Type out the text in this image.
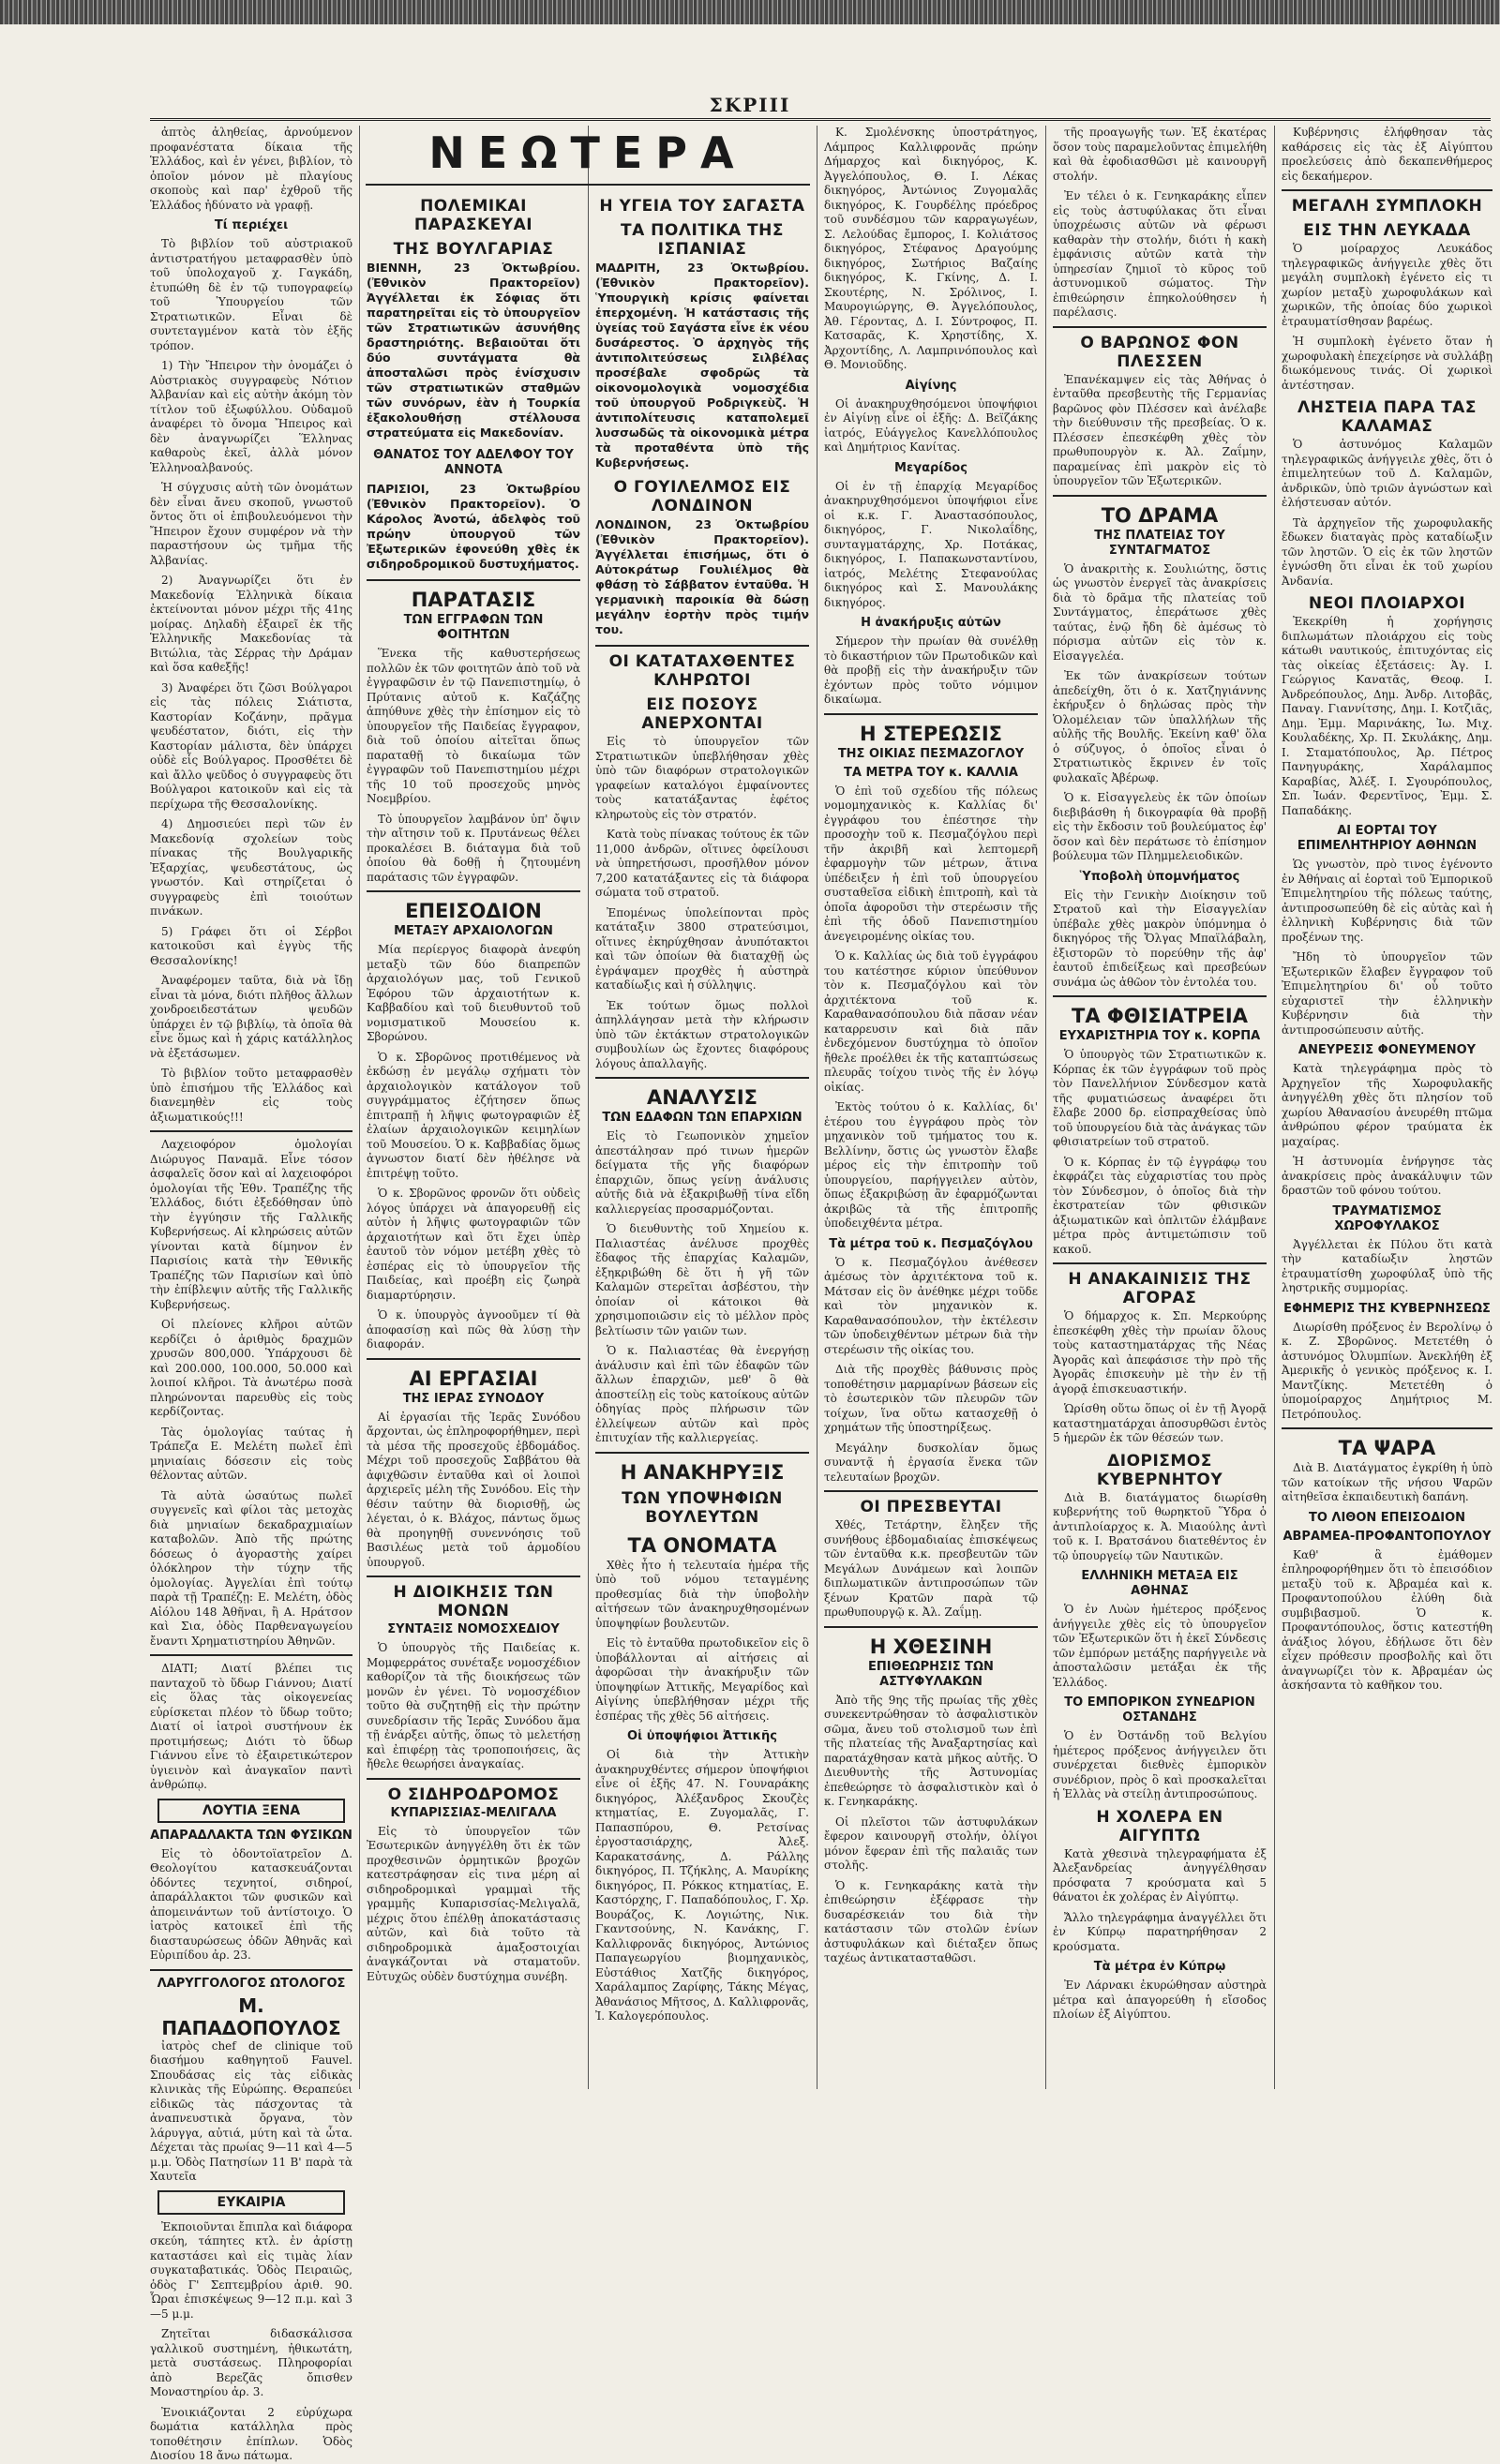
ΣΚΡΙΙΙ

ἀπτὸς ἀληθείας, ἀρνούμενον προφανέστατα δίκαια τῆς Ἑλλάδος, καὶ ἐν γένει, βιβλίον, τὸ ὁποῖον μόνον μὲ πλαγίους σκοποὺς καὶ παρ' ἐχθροῦ τῆς Ἑλλάδος ἠδύνατο νὰ γραφῇ.

Τί περιέχει

Τὸ βιβλίον τοῦ αὐστριακοῦ ἀντιστρατήγου μεταφρασθὲν ὑπὸ τοῦ ὑπολοχαγοῦ χ. Γαγκάδη, ἐτυπώθη δὲ ἐν τῷ τυπογραφείῳ τοῦ Ὑπουργείου τῶν Στρατιωτικῶν. Εἶναι δὲ συντεταγμένον κατὰ τὸν ἑξῆς τρόπον.

1) Τὴν Ἤπειρον τὴν ὀνομάζει ὁ Αὐστριακὸς συγγραφεὺς Νότιον Ἀλβανίαν καὶ εἰς αὐτὴν ἀκόμη τὸν τίτλον τοῦ ἐξωφύλλου. Οὐδαμοῦ ἀναφέρει τὸ ὄνομα Ἤπειρος καὶ δὲν ἀναγνωρίζει Ἕλληνας καθαροὺς ἐκεῖ, ἀλλὰ μόνον Ἑλληνοαλβανούς.

Ἡ σύγχυσις αὐτὴ τῶν ὀνομάτων δὲν εἶναι ἄνευ σκοποῦ, γνωστοῦ ὄντος ὅτι οἱ ἐπιβουλευόμενοι τὴν Ἤπειρον ἔχουν συμφέρον νὰ τὴν παραστήσουν ὡς τμῆμα τῆς Ἀλβανίας.

2) Ἀναγνωρίζει ὅτι ἐν Μακεδονίᾳ Ἑλληνικὰ δίκαια ἐκτείνονται μόνον μέχρι τῆς 41ης μοίρας. Δηλαδὴ ἐξαιρεῖ ἐκ τῆς Ἑλληνικῆς Μακεδονίας τὰ Βιτώλια, τὰς Σέρρας τὴν Δράμαν καὶ ὅσα καθεξῆς!

3) Ἀναφέρει ὅτι ζῶσι Βούλγαροι εἰς τὰς πόλεις Σιάτιστα, Καστορίαν Κοζάνην, πρᾶγμα ψευδέστατον, διότι, εἰς τὴν Καστορίαν μάλιστα, δὲν ὑπάρχει οὐδὲ εἷς Βούλγαρος. Προσθέτει δὲ καὶ ἄλλο ψεῦδος ὁ συγγραφεὺς ὅτι Βούλγαροι κατοικοῦν καὶ εἰς τὰ περίχωρα τῆς Θεσσαλονίκης.

4) Δημοσιεύει περὶ τῶν ἐν Μακεδονίᾳ σχολείων τοὺς πίνακας τῆς Βουλγαρικῆς Ἐξαρχίας, ψευδεστάτους, ὡς γνωστόν. Καὶ στηρίζεται ὁ συγγραφεὺς ἐπὶ τοιούτων πινάκων.

5) Γράφει ὅτι οἱ Σέρβοι κατοικοῦσι καὶ ἐγγὺς τῆς Θεσσαλονίκης!

Ἀναφέρομεν ταῦτα, διὰ νὰ ἴδῃ εἶναι τὰ μόνα, διότι πλῆθος ἄλλων χονδροειδεστάτων ψευδῶν ὑπάρχει ἐν τῷ βιβλίῳ, τὰ ὁποῖα θὰ εἶνε ὅμως καὶ ἡ χάρις κατάλληλος νὰ ἐξετάσωμεν.

Τὸ βιβλίον τοῦτο μεταφρασθὲν ὑπὸ ἐπισήμου τῆς Ἑλλάδος καὶ διανεμηθὲν εἰς τοὺς ἀξιωματικούς!!!

Λαχειοφόρον ὁμολογίαι Διώρυγος Παναμᾶ. Εἶνε τόσον ἀσφαλεῖς ὅσον καὶ αἱ λαχειοφόροι ὁμολογίαι τῆς Ἐθν. Τραπέζης τῆς Ἑλλάδος, διότι ἐξεδόθησαν ὑπὸ τὴν ἐγγύησιν τῆς Γαλλικῆς Κυβερνήσεως. Αἱ κληρώσεις αὐτῶν γίνονται κατὰ δίμηνον ἐν Παρισίοις κατὰ τὴν Ἐθνικῆς Τραπέζης τῶν Παρισίων καὶ ὑπὸ τὴν ἐπίβλεψιν αὐτῆς τῆς Γαλλικῆς Κυβερνήσεως.

Οἱ πλείονες κλῆροι αὐτῶν κερδίζει ὁ ἀριθμὸς δραχμῶν χρυσῶν 800,000. Ὑπάρχουσι δὲ καὶ 200.000, 100.000, 50.000 καὶ λοιποί κλῆροι. Τὰ ἀνωτέρω ποσὰ πληρώνονται παρευθὺς εἰς τοὺς κερδίζοντας.

Τὰς ὁμολογίας ταύτας ἡ Τράπεζα Ε. Μελέτη πωλεῖ ἐπὶ μηνιαίαις δόσεσιν εἰς τοὺς θέλοντας αὐτῶν.

Τὰ αὐτὰ ὡσαύτως πωλεῖ συγγενεῖς καὶ φίλοι τὰς μετοχὰς διὰ μηνιαίων δεκαδραχμιαίων καταβολῶν. Ἀπὸ τῆς πρώτης δόσεως ὁ ἀγοραστὴς χαίρει ὁλόκληρον τὴν τύχην τῆς ὁμολογίας. Ἀγγελίαι ἐπὶ τούτῳ παρὰ τῇ Τραπέζῃ: Ε. Μελέτη, ὁδὸς Αἰόλου 148 Ἀθῆναι, ἢ Α. Ηράτσον καὶ Σια, ὁδὸς Παρθεναγωγείου ἔναντι Χρηματιστηρίου Ἀθηνῶν.

ΔΙΑΤΙ; Διατί βλέπει τις πανταχοῦ τὸ ὕδωρ Γιάννου; Διατί εἰς ὅλας τὰς οἰκογενείας εὑρίσκεται πλέον τὸ ὕδωρ τοῦτο; Διατί οἱ ἰατροὶ συστήνουν ἐκ προτιμήσεως; Διότι τὸ ὕδωρ Γιάννου εἶνε τὸ ἐξαιρετικώτερον ὑγιεινὸν καὶ ἀναγκαῖον παντὶ ἀνθρώπῳ.

ΛΟΥΤΙΑ ΞΕΝΑ
ΑΠΑΡΑΔΛΑΚΤΑ ΤΩΝ ΦΥΣΙΚΩΝ

Εἰς τὸ ὀδοντοϊατρεῖον Δ. Θεολογίτου κατασκευάζονται ὀδόντες τεχνητοί, σιδηροί, ἀπαράλλακτοι τῶν φυσικῶν καὶ ἀπομεινάντων τοῦ ἀντίστοιχο. Ὁ ἰατρὸς κατοικεῖ ἐπὶ τῆς διασταυρώσεως ὁδῶν Ἀθηνᾶς καὶ Εὐριπίδου ἀρ. 23.

ΛΑΡΥΓΓΟΛΟΓΟΣ ΩΤΟΛΟΓΟΣ
Μ. ΠΑΠΑΔΟΠΟΥΛΟΣ

ἰατρὸς chef de clinique τοῦ διασήμου καθηγητοῦ Fauvel. Σπουδάσας εἰς τὰς εἰδικὰς κλινικὰς τῆς Εὐρώπης. Θεραπεύει εἰδικῶς τὰς πάσχοντας τὰ ἀναπνευστικὰ ὄργανα, τὸν λάρυγγα, αὐτιά, μύτη καὶ τὰ ὦτα. Δέχεται τὰς πρωίας 9—11 καὶ 4—5 μ.μ. Ὁδὸς Πατησίων 11 Β' παρὰ τὰ Χαυτεῖα

ΕΥΚΑΙΡΙΑ

Ἐκποιοῦνται ἔπιπλα καὶ διάφορα σκεύη, τάπητες κτλ. ἐν ἀρίστῃ καταστάσει καὶ εἰς τιμὰς λίαν συγκαταβατικάς. Ὁδὸς Πειραιῶς, ὁδὸς Γ' Σεπτεμβρίου ἀριθ. 90. Ὧραι ἐπισκέψεως 9—12 π.μ. καὶ 3—5 μ.μ.

Ζητεῖται διδασκάλισσα γαλλικοῦ συστημένη, ἠθικωτάτη, μετὰ συστάσεως. Πληροφορίαι ἀπὸ Βερεζᾶς ὄπισθεν Μοναστηρίου ἀρ. 3.

Ἐνοικιάζονται 2 εὐρύχωρα δωμάτια κατάλληλα πρὸς τοποθέτησιν ἐπίπλων. Ὁδὸς Διοσίου 18 ἄνω πάτωμα.

ΝΕΩΤΕΡΑ
ΠΟΛΕΜΙΚΑΙ ΠΑΡΑΣΚΕΥΑΙ
ΤΗΣ ΒΟΥΛΓΑΡΙΑΣ

ΒΙΕΝΝΗ, 23 Ὀκτωβρίου. (Ἐθνικὸν Πρακτορεῖον) Ἀγγέλλεται ἐκ Σόφιας ὅτι παρατηρεῖται εἰς τὸ ὑπουργεῖον τῶν Στρατιωτικῶν ἀσυνήθης δραστηριότης. Βεβαιοῦται ὅτι δύο συντάγματα θὰ ἀποσταλῶσι πρὸς ἐνίσχυσιν τῶν στρατιωτικῶν σταθμῶν τῶν συνόρων, ἐὰν ἡ Τουρκία ἐξακολουθήσῃ στέλλουσα στρατεύματα εἰς Μακεδονίαν.

ΘΑΝΑΤΟΣ ΤΟΥ ΑΔΕΛΦΟΥ ΤΟΥ ΑΝΝΟΤΑ

ΠΑΡΙΣΙΟΙ, 23 Ὀκτωβρίου (Ἐθνικὸν Πρακτορεῖον). Ὁ Κάρολος Ἀνοτώ, ἀδελφὸς τοῦ πρώην ὑπουργοῦ τῶν Ἐξωτερικῶν ἐφονεύθη χθὲς ἐκ σιδηροδρομικοῦ δυστυχήματος.

ΠΑΡΑΤΑΣΙΣ
ΤΩΝ ΕΓΓΡΑΦΩΝ ΤΩΝ ΦΟΙΤΗΤΩΝ

Ἕνεκα τῆς καθυστερήσεως πολλῶν ἐκ τῶν φοιτητῶν ἀπὸ τοῦ νὰ ἐγγραφῶσιν ἐν τῷ Πανεπιστημίῳ, ὁ Πρύτανις αὐτοῦ κ. Καζάζης ἀπηύθυνε χθὲς τὴν ἐπίσημον εἰς τὸ ὑπουργεῖον τῆς Παιδείας ἔγγραφον, διὰ τοῦ ὁποίου αἰτεῖται ὅπως παραταθῇ τὸ δικαίωμα τῶν ἐγγραφῶν τοῦ Πανεπιστημίου μέχρι τῆς 10 τοῦ προσεχοῦς μηνὸς Νοεμβρίου.

Τὸ ὑπουργεῖον λαμβάνον ὑπ' ὄψιν τὴν αἴτησιν τοῦ κ. Πρυτάνεως θέλει προκαλέσει Β. διάταγμα διὰ τοῦ ὁποίου θὰ δοθῇ ἡ ζητουμένη παράτασις τῶν ἐγγραφῶν.

ΕΠΕΙΣΟΔΙΟΝ
ΜΕΤΑΞΥ ΑΡΧΑΙΟΛΟΓΩΝ

Μία περίεργος διαφορὰ ἀνεφύη μεταξὺ τῶν δύο διαπρεπῶν ἀρχαιολόγων μας, τοῦ Γενικοῦ Ἐφόρου τῶν ἀρχαιοτήτων κ. Καββαδίου καὶ τοῦ διευθυντοῦ τοῦ νομισματικοῦ Μουσείου κ. Σβορώνου.

Ὁ κ. Σβορῶνος προτιθέμενος νὰ ἐκδώσῃ ἐν μεγάλῳ σχήματι τὸν ἀρχαιολογικὸν κατάλογον τοῦ συγγράμματος ἐζήτησεν ὅπως ἐπιτραπῇ ἡ λῆψις φωτογραφιῶν ἐξ ἐλαίων ἀρχαιολογικῶν κειμηλίων τοῦ Μουσείου. Ὁ κ. Καββαδίας ὅμως ἀγνωστον διατί δὲν ἠθέλησε νὰ ἐπιτρέψῃ τοῦτο.

Ὁ κ. Σβορῶνος φρονῶν ὅτι οὐδεὶς λόγος ὑπάρχει νὰ ἀπαγορευθῇ εἰς αὐτὸν ἡ λῆψις φωτογραφιῶν τῶν ἀρχαιοτήτων καὶ ὅτι ἔχει ὑπὲρ ἑαυτοῦ τὸν νόμον μετέβη χθὲς τὸ ἑσπέρας εἰς τὸ ὑπουργεῖον τῆς Παιδείας, καὶ προέβη εἰς ζωηρὰ διαμαρτύρησιν.

Ὁ κ. ὑπουργὸς ἀγνοοῦμεν τί θὰ ἀποφασίσῃ καὶ πῶς θὰ λύσῃ τὴν διαφοράν.

ΑΙ ΕΡΓΑΣΙΑΙ
ΤΗΣ ΙΕΡΑΣ ΣΥΝΟΔΟΥ

Αἱ ἐργασίαι τῆς Ἱερᾶς Συνόδου ἄρχονται, ὡς ἐπληροφορήθημεν, περὶ τὰ μέσα τῆς προσεχοῦς ἑβδομάδος. Μέχρι τοῦ προσεχοῦς Σαββάτου θὰ ἀφιχθῶσιν ἐνταῦθα καὶ οἱ λοιποὶ ἀρχιερεῖς μέλη τῆς Συνόδου. Εἰς τὴν θέσιν ταύτην θὰ διορισθῇ, ὡς λέγεται, ὁ κ. Βλάχος, πάντως ὅμως θὰ προηγηθῇ συνεννόησις τοῦ Βασιλέως μετὰ τοῦ ἁρμοδίου ὑπουργοῦ.

Η ΔΙΟΙΚΗΣΙΣ ΤΩΝ ΜΟΝΩΝ
ΣΥΝΤΑΞΙΣ ΝΟΜΟΣΧΕΔΙΟΥ

Ὁ ὑπουργὸς τῆς Παιδείας κ. Μομφερράτος συνέταξε νομοσχέδιον καθορίζον τὰ τῆς διοικήσεως τῶν μονῶν ἐν γένει. Τὸ νομοσχέδιον τοῦτο θὰ συζητηθῇ εἰς τὴν πρώτην συνεδρίασιν τῆς Ἱερᾶς Συνόδου ἅμα τῇ ἐνάρξει αὐτῆς, ὅπως τὸ μελετήσῃ καὶ ἐπιφέρῃ τὰς τροποποιήσεις, ἃς ἤθελε θεωρήσει ἀναγκαίας.

Ο ΣΙΔΗΡΟΔΡΟΜΟΣ
ΚΥΠΑΡΙΣΣΙΑΣ-ΜΕΛΙΓΑΛΑ

Εἰς τὸ ὑπουργεῖον τῶν Ἐσωτερικῶν ἀνηγγέλθη ὅτι ἐκ τῶν προχθεσινῶν ὁρμητικῶν βροχῶν κατεστράφησαν εἰς τινα μέρη αἱ σιδηροδρομικαὶ γραμμαὶ τῆς γραμμῆς Κυπαρισσίας-Μελιγαλᾶ, μέχρις ὅτου ἐπέλθῃ ἀποκατάστασις αὐτῶν, καὶ διὰ τοῦτο τὰ σιδηροδρομικὰ ἀμαξοστοιχίαι ἀναγκάζονται νὰ σταματοῦν. Εὐτυχῶς οὐδὲν δυστύχημα συνέβη.

Η ΥΓΕΙΑ ΤΟΥ ΣΑΓΑΣΤΑ
ΤΑ ΠΟΛΙΤΙΚΑ ΤΗΣ ΙΣΠΑΝΙΑΣ

ΜΑΔΡΙΤΗ, 23 Ὀκτωβρίου. (Ἐθνικὸν Πρακτορεῖον). Ὑπουργικὴ κρίσις φαίνεται ἐπερχομένη. Ἡ κατάστασις τῆς ὑγείας τοῦ Σαγάστα εἶνε ἐκ νέου δυσάρεστος. Ὁ ἀρχηγὸς τῆς ἀντιπολιτεύσεως Σιλβέλας προσέβαλε σφοδρῶς τὰ οἰκονομολογικὰ νομοσχέδια τοῦ ὑπουργοῦ Ροδριγκεὺζ. Ἡ ἀντιπολίτευσις καταπολεμεῖ λυσσωδῶς τὰ οἰκονομικὰ μέτρα τὰ προταθέντα ὑπὸ τῆς Κυβερνήσεως.

Ο ΓΟΥΙΛΕΛΜΟΣ ΕΙΣ ΛΟΝΔΙΝΟΝ

ΛΟΝΔΙΝΟΝ, 23 Ὀκτωβρίου (Ἐθνικὸν Πρακτορεῖον). Ἀγγέλλεται ἐπισήμως, ὅτι ὁ Αὐτοκράτωρ Γουλιέλμος θὰ φθάσῃ τὸ Σάββατον ἐνταῦθα. Ἡ γερμανικὴ παροικία θὰ δώσῃ μεγάλην ἑορτὴν πρὸς τιμήν του.

ΟΙ ΚΑΤΑΤΑΧΘΕΝΤΕΣ ΚΛΗΡΩΤΟΙ
ΕΙΣ ΠΟΣΟΥΣ ΑΝΕΡΧΟΝΤΑΙ

Εἰς τὸ ὑπουργεῖον τῶν Στρατιωτικῶν ὑπεβλήθησαν χθὲς ὑπὸ τῶν διαφόρων στρατολογικῶν γραφείων καταλόγοι ἐμφαίνοντες τοὺς κατατάξαντας ἐφέτος κληρωτοὺς εἰς τὸν στρατόν.

Κατὰ τοὺς πίνακας τούτους ἐκ τῶν 11,000 ἀνδρῶν, οἵτινες ὀφείλουσι νὰ ὑπηρετήσωσι, προσῆλθον μόνον 7,200 κατατάξαντες εἰς τὰ διάφορα σώματα τοῦ στρατοῦ.

Ἐπομένως ὑπολείπονται πρὸς κατάταξιν 3800 στρατεύσιμοι, οἵτινες ἐκηρύχθησαν ἀνυπότακτοι καὶ τῶν ὁποίων θὰ διαταχθῇ ὡς ἐγράψαμεν προχθὲς ἡ αὐστηρὰ καταδίωξις καὶ ἡ σύλληψις.

Ἐκ τούτων ὅμως πολλοὶ ἀπηλλάγησαν μετὰ τὴν κλήρωσιν ὑπὸ τῶν ἐκτάκτων στρατολογικῶν συμβουλίων ὡς ἔχοντες διαφόρους λόγους ἀπαλλαγῆς.

ΑΝΑΛΥΣΙΣ
ΤΩΝ ΕΔΑΦΩΝ ΤΩΝ ΕΠΑΡΧΙΩΝ

Εἰς τὸ Γεωπονικὸν χημεῖον ἀπεστάλησαν πρό τινων ἡμερῶν δείγματα τῆς γῆς διαφόρων ἐπαρχιῶν, ὅπως γείνῃ ἀνάλυσις αὐτῆς διὰ νὰ ἐξακριβωθῇ τίνα εἴδη καλλιεργείας προσαρμόζονται.

Ὁ διευθυντὴς τοῦ Χημείου κ. Παλιαστέας ἀνέλυσε προχθὲς ἔδαφος τῆς ἐπαρχίας Καλαμῶν, ἐξηκριβώθη δὲ ὅτι ἡ γῆ τῶν Καλαμῶν στερεῖται ἀσβέστου, τὴν ὁποίαν οἱ κάτοικοι θὰ χρησιμοποιῶσιν εἰς τὸ μέλλον πρὸς βελτίωσιν τῶν γαιῶν των.

Ὁ κ. Παλιαστέας θὰ ἐνεργήσῃ ἀνάλυσιν καὶ ἐπὶ τῶν ἐδαφῶν τῶν ἄλλων ἐπαρχιῶν, μεθ' ὃ θὰ ἀποστείλῃ εἰς τοὺς κατοίκους αὐτῶν ὁδηγίας πρὸς πλήρωσιν τῶν ἐλλείψεων αὐτῶν καὶ πρὸς ἐπιτυχίαν τῆς καλλιεργείας.

Η ΑΝΑΚΗΡΥΞΙΣ
ΤΩΝ ΥΠΟΨΗΦΙΩΝ ΒΟΥΛΕΥΤΩΝ
ΤΑ ΟΝΟΜΑΤΑ

Χθὲς ἦτο ἡ τελευταία ἡμέρα τῆς ὑπὸ τοῦ νόμου τεταγμένης προθεσμίας διὰ τὴν ὑποβολὴν αἰτήσεων τῶν ἀνακηρυχθησομένων ὑποψηφίων βουλευτῶν.

Εἰς τὸ ἐνταῦθα πρωτοδικεῖον εἰς ὃ ὑποβάλλονται αἱ αἰτήσεις αἱ ἀφορῶσαι τὴν ἀνακήρυξιν τῶν ὑποψηφίων Ἀττικῆς, Μεγαρίδος καὶ Αἰγίνης ὑπεβλήθησαν μέχρι τῆς ἑσπέρας τῆς χθὲς 56 αἰτήσεις.

Οἱ ὑποψήφιοι Ἀττικῆς

Οἱ διὰ τὴν Ἀττικὴν ἀνακηρυχθέντες σήμερον ὑποψήφιοι εἶνε οἱ ἑξῆς 47. Ν. Γουναράκης δικηγόρος, Ἀλέξανδρος Σκουζὲς κτηματίας, Ε. Ζυγομαλᾶς, Γ. Παπασπύρου, Θ. Ρετσίνας ἐργοστασιάρχης, Ἀλεξ. Καρακατσάνης, Δ. Ράλλης δικηγόρος, Π. Τζήκλης, Α. Μαυρίκης δικηγόρος, Π. Ρόκκος κτηματίας, Ε. Καστόρχης, Γ. Παπαδόπουλος, Γ. Χρ. Βουράζος, Κ. Λογιώτης, Νικ. Γκαντσούνης, Ν. Κανάκης, Γ. Καλλιφρονᾶς δικηγόρος, Ἀντώνιος Παπαγεωργίου βιομηχανικὸς, Εὐστάθιος Χατζῆς δικηγόρος, Χαράλαμπος Ζαρίφης, Τάκης Μέγας, Ἀθανάσιος Μῆτσος, Δ. Καλλιφρονᾶς, Ἰ. Καλογερόπουλος.

Κ. Σμολένσκης ὑποστράτηγος, Λάμπρος Καλλιφρονᾶς πρώην Δήμαρχος καὶ δικηγόρος, Κ. Ἀγγελόπουλος, Θ. Ι. Λέκας δικηγόρος, Ἀντώνιος Ζυγομαλᾶς δικηγόρος, Κ. Γουρδέλης πρόεδρος τοῦ συνδέσμου τῶν καρραγωγέων, Σ. Λελούδας ἔμπορος, Ι. Κολιάτσος δικηγόρος, Στέφανος Δραγούμης δικηγόρος, Σωτήριος Βαζαίης δικηγόρος, Κ. Γκίνης, Δ. Ι. Σκουτέρης, Ν. Σρόλινος, Ι. Μαυρογιώργης, Θ. Ἀγγελόπουλος, Ἀθ. Γέροντας, Δ. Ι. Σύντροφος, Π. Κατσαρᾶς, Κ. Χρηστίδης, Χ. Ἀρχοντίδης, Λ. Λαμπρινόπουλος καὶ Θ. Μονιοῦδης.

Αἰγίνης

Οἱ ἀνακηρυχθησόμενοι ὑποψήφιοι ἐν Αἰγίνῃ εἶνε οἱ ἑξῆς: Δ. Βεϊζάκης ἰατρός, Εὐάγγελος Κανελλόπουλος καὶ Δημήτριος Κανίτας.

Μεγαρίδος

Οἱ ἐν τῇ ἐπαρχίᾳ Μεγαρίδος ἀνακηρυχθησόμενοι ὑποψήφιοι εἶνε οἱ κ.κ. Γ. Ἀναστασόπουλος, δικηγόρος, Γ. Νικολαΐδης, συνταγματάρχης, Χρ. Ποτάκας, δικηγόρος, Ι. Παπακωνσταντίνου, ἰατρός, Μελέτης Στεφανούλας δικηγόρος καὶ Σ. Μανουλάκης δικηγόρος.

Η ἀνακήρυξις αὐτῶν

Σήμερον τὴν πρωίαν θὰ συνέλθῃ τὸ δικαστήριον τῶν Πρωτοδικῶν καὶ θὰ προβῇ εἰς τὴν ἀνακήρυξιν τῶν ἐχόντων πρὸς τοῦτο νόμιμον δικαίωμα.

Η ΣΤΕΡΕΩΣΙΣ
ΤΗΣ ΟΙΚΙΑΣ ΠΕΣΜΑΖΟΓΛΟΥ
ΤΑ ΜΕΤΡΑ ΤΟΥ κ. ΚΑΛΛΙΑ

Ὁ ἐπὶ τοῦ σχεδίου τῆς πόλεως νομομηχανικὸς κ. Καλλίας δι' ἐγγράφου του ἐπέστησε τὴν προσοχὴν τοῦ κ. Πεσμαζόγλου περὶ τῆν ἀκριβῆ καὶ λεπτομερῆ ἐφαρμογὴν τῶν μέτρων, ἅτινα ὑπέδειξεν ἡ ἐπὶ τοῦ ὑπουργείου συσταθεῖσα εἰδικὴ ἐπιτροπὴ, καὶ τὰ ὁποῖα ἀφοροῦσι τὴν στερέωσιν τῆς ἐπὶ τῆς ὁδοῦ Πανεπιστημίου ἀνεγειρομένης οἰκίας του.

Ὁ κ. Καλλίας ὡς διὰ τοῦ ἐγγράφου του κατέστησε κύριον ὑπεύθυνον τὸν κ. Πεσμαζόγλου καὶ τὸν ἀρχιτέκτονα τοῦ κ. Καραθανασόπουλου διὰ πᾶσαν νέαν καταρρευσιν καὶ διὰ πᾶν ἐνδεχόμενον δυστύχημα τὸ ὁποῖον ἤθελε προέλθει ἐκ τῆς καταπτώσεως πλευρᾶς τοίχου τινὸς τῆς ἐν λόγῳ οἰκίας.

Ἐκτὸς τούτου ὁ κ. Καλλίας, δι' ἑτέρου του ἐγγράφου πρὸς τὸν μηχανικὸν τοῦ τμήματος του κ. Βελλίνην, ὅστις ὡς γνωστὸν ἔλαβε μέρος εἰς τὴν ἐπιτροπὴν τοῦ ὑπουργείου, παρήγγειλεν αὐτὸν, ὅπως ἐξακριβώσῃ ἂν ἐφαρμόζωνται ἀκριβῶς τὰ τῆς ἐπιτροπῆς ὑποδειχθέντα μέτρα.

Τὰ μέτρα τοῦ κ. Πεσμαζόγλου

Ὁ κ. Πεσμαζόγλου ἀνέθεσεν ἀμέσως τὸν ἀρχιτέκτονα τοῦ κ. Μάτσαν εἰς ὃν ἀνέθηκε μέχρι τοῦδε καὶ τὸν μηχανικὸν κ. Καραθανασόπουλον, τὴν ἐκτέλεσιν τῶν ὑποδειχθέντων μέτρων διὰ τὴν στερέωσιν τῆς οἰκίας του.

Διὰ τῆς προχθὲς βάθυνσις πρὸς τοποθέτησιν μαρμαρίνων βάσεων εἰς τὸ ἐσωτερικὸν τῶν πλευρῶν τῶν τοίχων, ἵνα οὕτω κατασχεθῇ ὁ χρημάτων τῆς ὑποστηρίξεως.

Μεγάλην δυσκολίαν ὅμως συναντᾷ ἡ ἐργασία ἕνεκα τῶν τελευταίων βροχῶν.

ΟΙ ΠΡΕΣΒΕΥΤΑΙ

Χθές, Τετάρτην, ἔληξεν τῆς συνήθους ἑβδομαδιαίας ἐπισκέψεως τῶν ἐνταῦθα κ.κ. πρεσβευτῶν τῶν Μεγάλων Δυνάμεων καὶ λοιπῶν διπλωματικῶν ἀντιπροσώπων τῶν ξένων Κρατῶν παρὰ τῷ πρωθυπουργῷ κ. Ἀλ. Ζαΐμῃ.

Η ΧΘΕΣΙΝΗ
ΕΠΙΘΕΩΡΗΣΙΣ ΤΩΝ ΑΣΤΥΦΥΛΑΚΩΝ

Ἀπὸ τῆς 9ης τῆς πρωίας τῆς χθὲς συνεκεντρώθησαν τὸ ἀσφαλιστικὸν σῶμα, ἄνευ τοῦ στολισμοῦ των ἐπὶ τῆς πλατείας τῆς Ἀναξαρτησίας καὶ παρατάχθησαν κατὰ μῆκος αὐτῆς. Ὁ Διευθυντὴς τῆς Ἀστυνομίας ἐπεθεώρησε τὸ ἀσφαλιστικὸν καὶ ὁ κ. Γενηκαράκης.

Οἱ πλεῖστοι τῶν ἀστυφυλάκων ἔφερον καινουργῆ στολήν, ὀλίγοι μόνον ἔφεραν ἐπὶ τῆς παλαιᾶς των στολῆς.

Ὁ κ. Γενηκαράκης κατὰ τὴν ἐπιθεώρησιν ἐξέφρασε τὴν δυσαρέσκειάν του διὰ τὴν κατάστασιν τῶν στολῶν ἐνίων ἀστυφυλάκων καὶ διέταξεν ὅπως ταχέως ἀντικατασταθῶσι.

τῆς προαγωγῆς των. Ἐξ ἐκατέρας ὅσον τοὺς παραμελοῦντας ἐπιμελήθη καὶ θὰ ἐφοδιασθῶσι μὲ καινουργῆ στολήν.

Ἐν τέλει ὁ κ. Γενηκαράκης εἶπεν εἰς τοὺς ἀστυφύλακας ὅτι εἶναι ὑποχρέωσις αὐτῶν νὰ φέρωσι καθαρὰν τὴν στολήν, διότι ἡ κακὴ ἐμφάνισις αὐτῶν κατὰ τὴν ὑπηρεσίαν ζημιοῖ τὸ κῦρος τοῦ ἀστυνομικοῦ σώματος. Τὴν ἐπιθεώρησιν ἐπηκολούθησεν ἡ παρέλασις.

Ο ΒΑΡΩΝΟΣ ΦΟΝ ΠΛΕΣΣΕΝ

Ἐπανέκαμψεν εἰς τὰς Ἀθήνας ὁ ἐνταῦθα πρεσβευτὴς τῆς Γερμανίας βαρῶνος φὸν Πλέσσεν καὶ ἀνέλαβε τὴν διεύθυνσιν τῆς πρεσβείας. Ὁ κ. Πλέσσεν ἐπεσκέφθη χθὲς τὸν πρωθυπουργὸν κ. Ἀλ. Ζαΐμην, παραμείνας ἐπὶ μακρὸν εἰς τὸ ὑπουργεῖον τῶν Ἐξωτερικῶν.

ΤΟ ΔΡΑΜΑ
ΤΗΣ ΠΛΑΤΕΙΑΣ ΤΟΥ ΣΥΝΤΑΓΜΑΤΟΣ

Ὁ ἀνακριτὴς κ. Σουλιώτης, ὅστις ὡς γνωστὸν ἐνεργεῖ τὰς ἀνακρίσεις διὰ τὸ δρᾶμα τῆς πλατείας τοῦ Συντάγματος, ἐπεράτωσε χθὲς ταύτας, ἐνῷ ἤδη δὲ ἀμέσως τὸ πόρισμα αὐτῶν εἰς τὸν κ. Εἰσαγγελέα.

Ἐκ τῶν ἀνακρίσεων τούτων ἀπεδείχθη, ὅτι ὁ κ. Χατζηγιάννης ἐκήρυξεν ὁ δηλώσας πρὸς τὴν Ὁλομέλειαν τῶν ὑπαλλήλων τῆς αὐλῆς τῆς Βουλῆς. Ἐκείνη καθ' ὅλα ὁ σύζυγος, ὁ ὁποῖος εἶναι ὁ Στρατιωτικὸς ἔκρινεν ἐν τοῖς φυλακαῖς Ἀβέρωφ.

Ὁ κ. Εἰσαγγελεὺς ἐκ τῶν ὁποίων διεβιβάσθη ἡ δικογραφία θὰ προβῇ εἰς τὴν ἔκδοσιν τοῦ βουλεύματος ἐφ' ὅσον καὶ δὲν περάτωσε τὸ ἐπίσημον βούλευμα τῶν Πλημμελειοδικῶν.

Ὑποβολὴ ὑπομνήματος

Εἰς τὴν Γενικὴν Διοίκησιν τοῦ Στρατοῦ καὶ τὴν Εἰσαγγελίαν ὑπέβαλε χθὲς μακρὸν ὑπόμνημα ὁ δικηγόρος τῆς Ὄλγας Μπαϊλάβαλη, ἐξιστορῶν τὸ πορεύθην τῆς ἀφ' ἑαυτοῦ ἐπιδείξεως καὶ πρεσβεύων συνάμα ὡς ἀθῶον τὸν ἐντολέα του.

ΤΑ ΦΘΙΣΙΑΤΡΕΙΑ
ΕΥΧΑΡΙΣΤΗΡΙΑ ΤΟΥ κ. ΚΟΡΠΑ

Ὁ ὑπουργὸς τῶν Στρατιωτικῶν κ. Κόρπας ἐκ τῶν ἐγγράφων τοῦ πρὸς τὸν Πανελλήνιον Σύνδεσμον κατὰ τῆς φυματιώσεως ἀναφέρει ὅτι ἔλαβε 2000 δρ. εἰσπραχθείσας ὑπὸ τοῦ ὑπουργείου διὰ τὰς ἀνάγκας τῶν φθισιατρείων τοῦ στρατοῦ.

Ὁ κ. Κόρπας ἐν τῷ ἐγγράφῳ του ἐκφράζει τὰς εὐχαριστίας του πρὸς τὸν Σύνδεσμον, ὁ ὁποῖος διὰ τὴν ἐκστρατείαν τῶν φθισικῶν ἀξιωματικῶν καὶ ὁπλιτῶν ἐλάμβανε μέτρα πρὸς ἀντιμετώπισιν τοῦ κακοῦ.

Η ΑΝΑΚΑΙΝΙΣΙΣ ΤΗΣ ΑΓΟΡΑΣ

Ὁ δήμαρχος κ. Σπ. Μερκούρης ἐπεσκέφθη χθὲς τὴν πρωίαν ὅλους τοὺς καταστηματάρχας τῆς Νέας Ἀγορᾶς καὶ ἀπεφάσισε τὴν πρὸ τῆς Ἀγορᾶς ἐπισκευὴν μὲ τὴν ἐν τῇ ἀγορᾷ ἐπισκευαστικήν.

Ὡρίσθη οὕτω ὅπως οἱ ἐν τῇ Ἀγορᾷ καταστηματάρχαι ἀποσυρθῶσι ἐντὸς 5 ἡμερῶν ἐκ τῶν θέσεών των.

ΔΙΟΡΙΣΜΟΣ ΚΥΒΕΡΝΗΤΟΥ

Διὰ Β. διατάγματος διωρίσθη κυβερνήτης τοῦ θωρηκτοῦ Ὕδρα ὁ ἀντιπλοίαρχος κ. Ἀ. Μιαούλης ἀντὶ τοῦ κ. Ι. Βρατσάνου διατεθέντος ἐν τῷ ὑπουργείῳ τῶν Ναυτικῶν.

ΕΛΛΗΝΙΚΗ ΜΕΤΑΞΑ ΕΙΣ ΑΘΗΝΑΣ

Ὁ ἐν Λυὼν ἡμέτερος πρόξενος ἀνήγγειλε χθὲς εἰς τὸ ὑπουργεῖον τῶν Ἐξωτερικῶν ὅτι ἡ ἐκεῖ Σύνδεσις τῶν ἐμπόρων μετάξης παρήγγειλε νὰ ἀποσταλῶσιν μετάξαι ἐκ τῆς Ἑλλάδος.

ΤΟ ΕΜΠΟΡΙΚΟΝ ΣΥΝΕΔΡΙΟΝ ΟΣΤΑΝΔΗΣ

Ὁ ἐν Ὀστάνδῃ τοῦ Βελγίου ἡμέτερος πρόξενος ἀνήγγειλεν ὅτι συνέρχεται διεθνὲς ἐμπορικὸν συνέδριον, πρὸς ὃ καὶ προσκαλεῖται ἡ Ἑλλὰς νὰ στείλῃ ἀντιπροσώπους.

Η ΧΟΛΕΡΑ ΕΝ ΑΙΓΥΠΤΩ

Κατὰ χθεσινὰ τηλεγραφήματα ἐξ Ἀλεξανδρείας ἀνηγγέλθησαν πρόσφατα 7 κρούσματα καὶ 5 θάνατοι ἐκ χολέρας ἐν Αἰγύπτῳ.

Ἄλλο τηλεγράφημα ἀναγγέλλει ὅτι ἐν Κύπρῳ παρατηρήθησαν 2 κρούσματα.

Τὰ μέτρα ἐν Κύπρῳ

Ἐν Λάρνακι ἐκυρώθησαν αὐστηρὰ μέτρα καὶ ἀπαγορεύθη ἡ εἴσοδος πλοίων ἐξ Αἰγύπτου.

Κυβέρνησις ἐλήφθησαν τὰς καθάρσεις εἰς τὰς ἐξ Αἰγύπτου προελεύσεις ἀπὸ δεκαπενθήμερος εἰς δεκαήμερον.

ΜΕΓΑΛΗ ΣΥΜΠΛΟΚΗ
ΕΙΣ ΤΗΝ ΛΕΥΚΑΔΑ

Ὁ μοίραρχος Λευκάδος τηλεγραφικῶς ἀνήγγειλε χθὲς ὅτι μεγάλη συμπλοκὴ ἐγένετο εἰς τι χωρίον μεταξὺ χωροφυλάκων καὶ χωρικῶν, τῆς ὁποίας δύο χωρικοὶ ἐτραυματίσθησαν βαρέως.

Ἡ συμπλοκὴ ἐγένετο ὅταν ἡ χωροφυλακὴ ἐπεχείρησε νὰ συλλάβῃ διωκόμενους τινάς. Οἱ χωρικοὶ ἀντέστησαν.

ΛΗΣΤΕΙΑ ΠΑΡΑ ΤΑΣ ΚΑΛΑΜΑΣ

Ὁ ἀστυνόμος Καλαμῶν τηλεγραφικῶς ἀνήγγειλε χθὲς, ὅτι ὁ ἐπιμελητεύων τοῦ Δ. Καλαμῶν, ἀνδρικῶν, ὑπὸ τριῶν ἀγνώστων καὶ ἐλήστευσαν αὐτόν.

Τὰ ἀρχηγεῖον τῆς χωροφυλακῆς ἔδωκεν διαταγὰς πρὸς καταδίωξιν τῶν ληστῶν. Ὁ εἰς ἐκ τῶν ληστῶν ἐγνώσθη ὅτι εἶναι ἐκ τοῦ χωρίου Ἀνδανία.

ΝΕΟΙ ΠΛΟΙΑΡΧΟΙ

Ἐκεκρίθη ἡ χορήγησις διπλωμάτων πλοιάρχου εἰς τοὺς κάτωθι ναυτικούς, ἐπιτυχόντας εἰς τὰς οἰκείας ἐξετάσεις: Ἀγ. Ι. Γεώργιος Κανατᾶς, Θεοφ. Ι. Ἀνδρεόπουλος, Δημ. Ἀνδρ. Λιτοβᾶς, Παναγ. Γιαννίτσης, Δημ. Ι. Κοτζιᾶς, Δημ. Ἐμμ. Μαρινάκης, Ἰω. Μιχ. Κουλαδέκης, Χρ. Π. Σκυλάκης, Δημ. Ι. Σταματόπουλος, Ἀρ. Πέτρος Πανηγυράκης, Χαράλαμπος Καραβίας, Ἀλέξ. Ι. Σγουρόπουλος, Σπ. Ἰωάν. Φερεντῖνος, Ἐμμ. Σ. Παπαδάκης.

ΑΙ ΕΟΡΤΑΙ ΤΟΥ ΕΠΙΜΕΛΗΤΗΡΙΟΥ ΑΘΗΝΩΝ

Ὡς γνωστὸν, πρὸ τινος ἐγένοντο ἐν Ἀθήναις αἱ ἑορταὶ τοῦ Ἐμπορικοῦ Ἐπιμελητηρίου τῆς πόλεως ταύτης, ἀντιπροσωπεύθη δὲ εἰς αὐτὰς καὶ ἡ ἑλληνικὴ Κυβέρνησις διὰ τῶν προξένων της.

Ἤδη τὸ ὑπουργεῖον τῶν Ἐξωτερικῶν ἔλαβεν ἔγγραφον τοῦ Ἐπιμελητηρίου δι' οὗ τοῦτο εὐχαριστεῖ τὴν ἑλληνικὴν Κυβέρνησιν διὰ τὴν ἀντιπροσώπευσιν αὐτῆς.

ΑΝΕΥΡΕΣΙΣ ΦΟΝΕΥΜΕΝΟΥ

Κατὰ τηλεγράφημα πρὸς τὸ Ἀρχηγεῖον τῆς Χωροφυλακῆς ἀνηγγέλθη χθὲς ὅτι πλησίον τοῦ χωρίου Ἀθανασίου ἀνευρέθη πτῶμα ἀνθρώπου φέρον τραύματα ἐκ μαχαίρας.

Ἡ ἀστυνομία ἐνήργησε τὰς ἀνακρίσεις πρὸς ἀνακάλυψιν τῶν δραστῶν τοῦ φόνου τούτου.

ΤΡΑΥΜΑΤΙΣΜΟΣ ΧΩΡΟΦΥΛΑΚΟΣ

Ἀγγέλλεται ἐκ Πύλου ὅτι κατὰ τὴν καταδίωξιν ληστῶν ἐτραυματίσθη χωροφύλαξ ὑπὸ τῆς ληστρικῆς συμμορίας.

ΕΦΗΜΕΡΙΣ ΤΗΣ ΚΥΒΕΡΝΗΣΕΩΣ

Διωρίσθη πρόξενος ἐν Βερολίνῳ ὁ κ. Ζ. Σβορῶνος. Μετετέθη ὁ ἀστυνόμος Ὀλυμπίων. Ἀνεκλήθη ἐξ Ἀμερικῆς ὁ γενικὸς πρόξενος κ. Ι. Μαντζίκης. Μετετέθη ὁ ὑπομοίραρχος Δημήτριος Μ. Πετρόπουλος.

ΤΑ ΨΑΡΑ

Διὰ Β. Διατάγματος ἐγκρίθη ἡ ὑπὸ τῶν κατοίκων τῆς νήσου Ψαρῶν αἰτηθεῖσα ἐκπαιδευτικὴ δαπάνη.

ΤΟ ΛΙΘΟΝ ΕΠΕΙΣΟΔΙΟΝ
ΑΒΡΑΜΕΑ-ΠΡΟΦΑΝΤΟΠΟΥΛΟΥ

Καθ' ἃ ἐμάθομεν ἐπληροφορήθημεν ὅτι τὸ ἐπεισόδιον μεταξὺ τοῦ κ. Ἀβραμέα καὶ κ. Προφαντοπούλου ἐλύθη διὰ συμβιβασμοῦ. Ὁ κ. Προφαντόπουλος, ὅστις κατεστήθη ἀνάξιος λόγου, ἐδήλωσε ὅτι δὲν εἶχεν πρόθεσιν προσβολῆς καὶ ὅτι ἀναγνωρίζει τὸν κ. Ἀβραμέαν ὡς ἀσκήσαντα τὸ καθῆκον του.
